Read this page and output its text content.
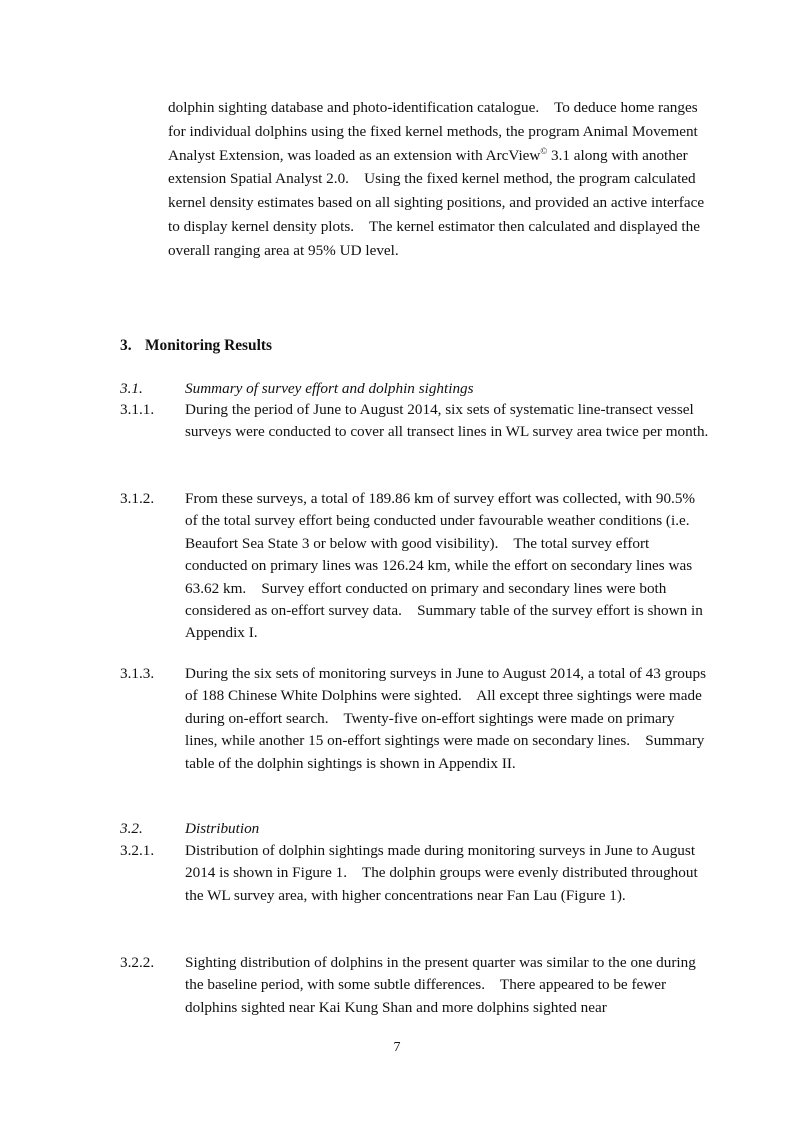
dolphin sighting database and photo-identification catalogue.    To deduce home ranges for individual dolphins using the fixed kernel methods, the program Animal Movement Analyst Extension, was loaded as an extension with ArcView© 3.1 along with another extension Spatial Analyst 2.0.    Using the fixed kernel method, the program calculated kernel density estimates based on all sighting positions, and provided an active interface to display kernel density plots.    The kernel estimator then calculated and displayed the overall ranging area at 95% UD level.

3. Monitoring Results
3.1.	Summary of survey effort and dolphin sightings
3.1.1. During the period of June to August 2014, six sets of systematic line-transect vessel surveys were conducted to cover all transect lines in WL survey area twice per month.
3.1.2. From these surveys, a total of 189.86 km of survey effort was collected, with 90.5% of the total survey effort being conducted under favourable weather conditions (i.e. Beaufort Sea State 3 or below with good visibility).    The total survey effort conducted on primary lines was 126.24 km, while the effort on secondary lines was 63.62 km.    Survey effort conducted on primary and secondary lines were both considered as on-effort survey data.    Summary table of the survey effort is shown in Appendix I.
3.1.3. During the six sets of monitoring surveys in June to August 2014, a total of 43 groups of 188 Chinese White Dolphins were sighted.    All except three sightings were made during on-effort search.    Twenty-five on-effort sightings were made on primary lines, while another 15 on-effort sightings were made on secondary lines.    Summary table of the dolphin sightings is shown in Appendix II.
3.2.	Distribution
3.2.1. Distribution of dolphin sightings made during monitoring surveys in June to August 2014 is shown in Figure 1.    The dolphin groups were evenly distributed throughout the WL survey area, with higher concentrations near Fan Lau (Figure 1).
3.2.2. Sighting distribution of dolphins in the present quarter was similar to the one during the baseline period, with some subtle differences.    There appeared to be fewer dolphins sighted near Kai Kung Shan and more dolphins sighted near

7
